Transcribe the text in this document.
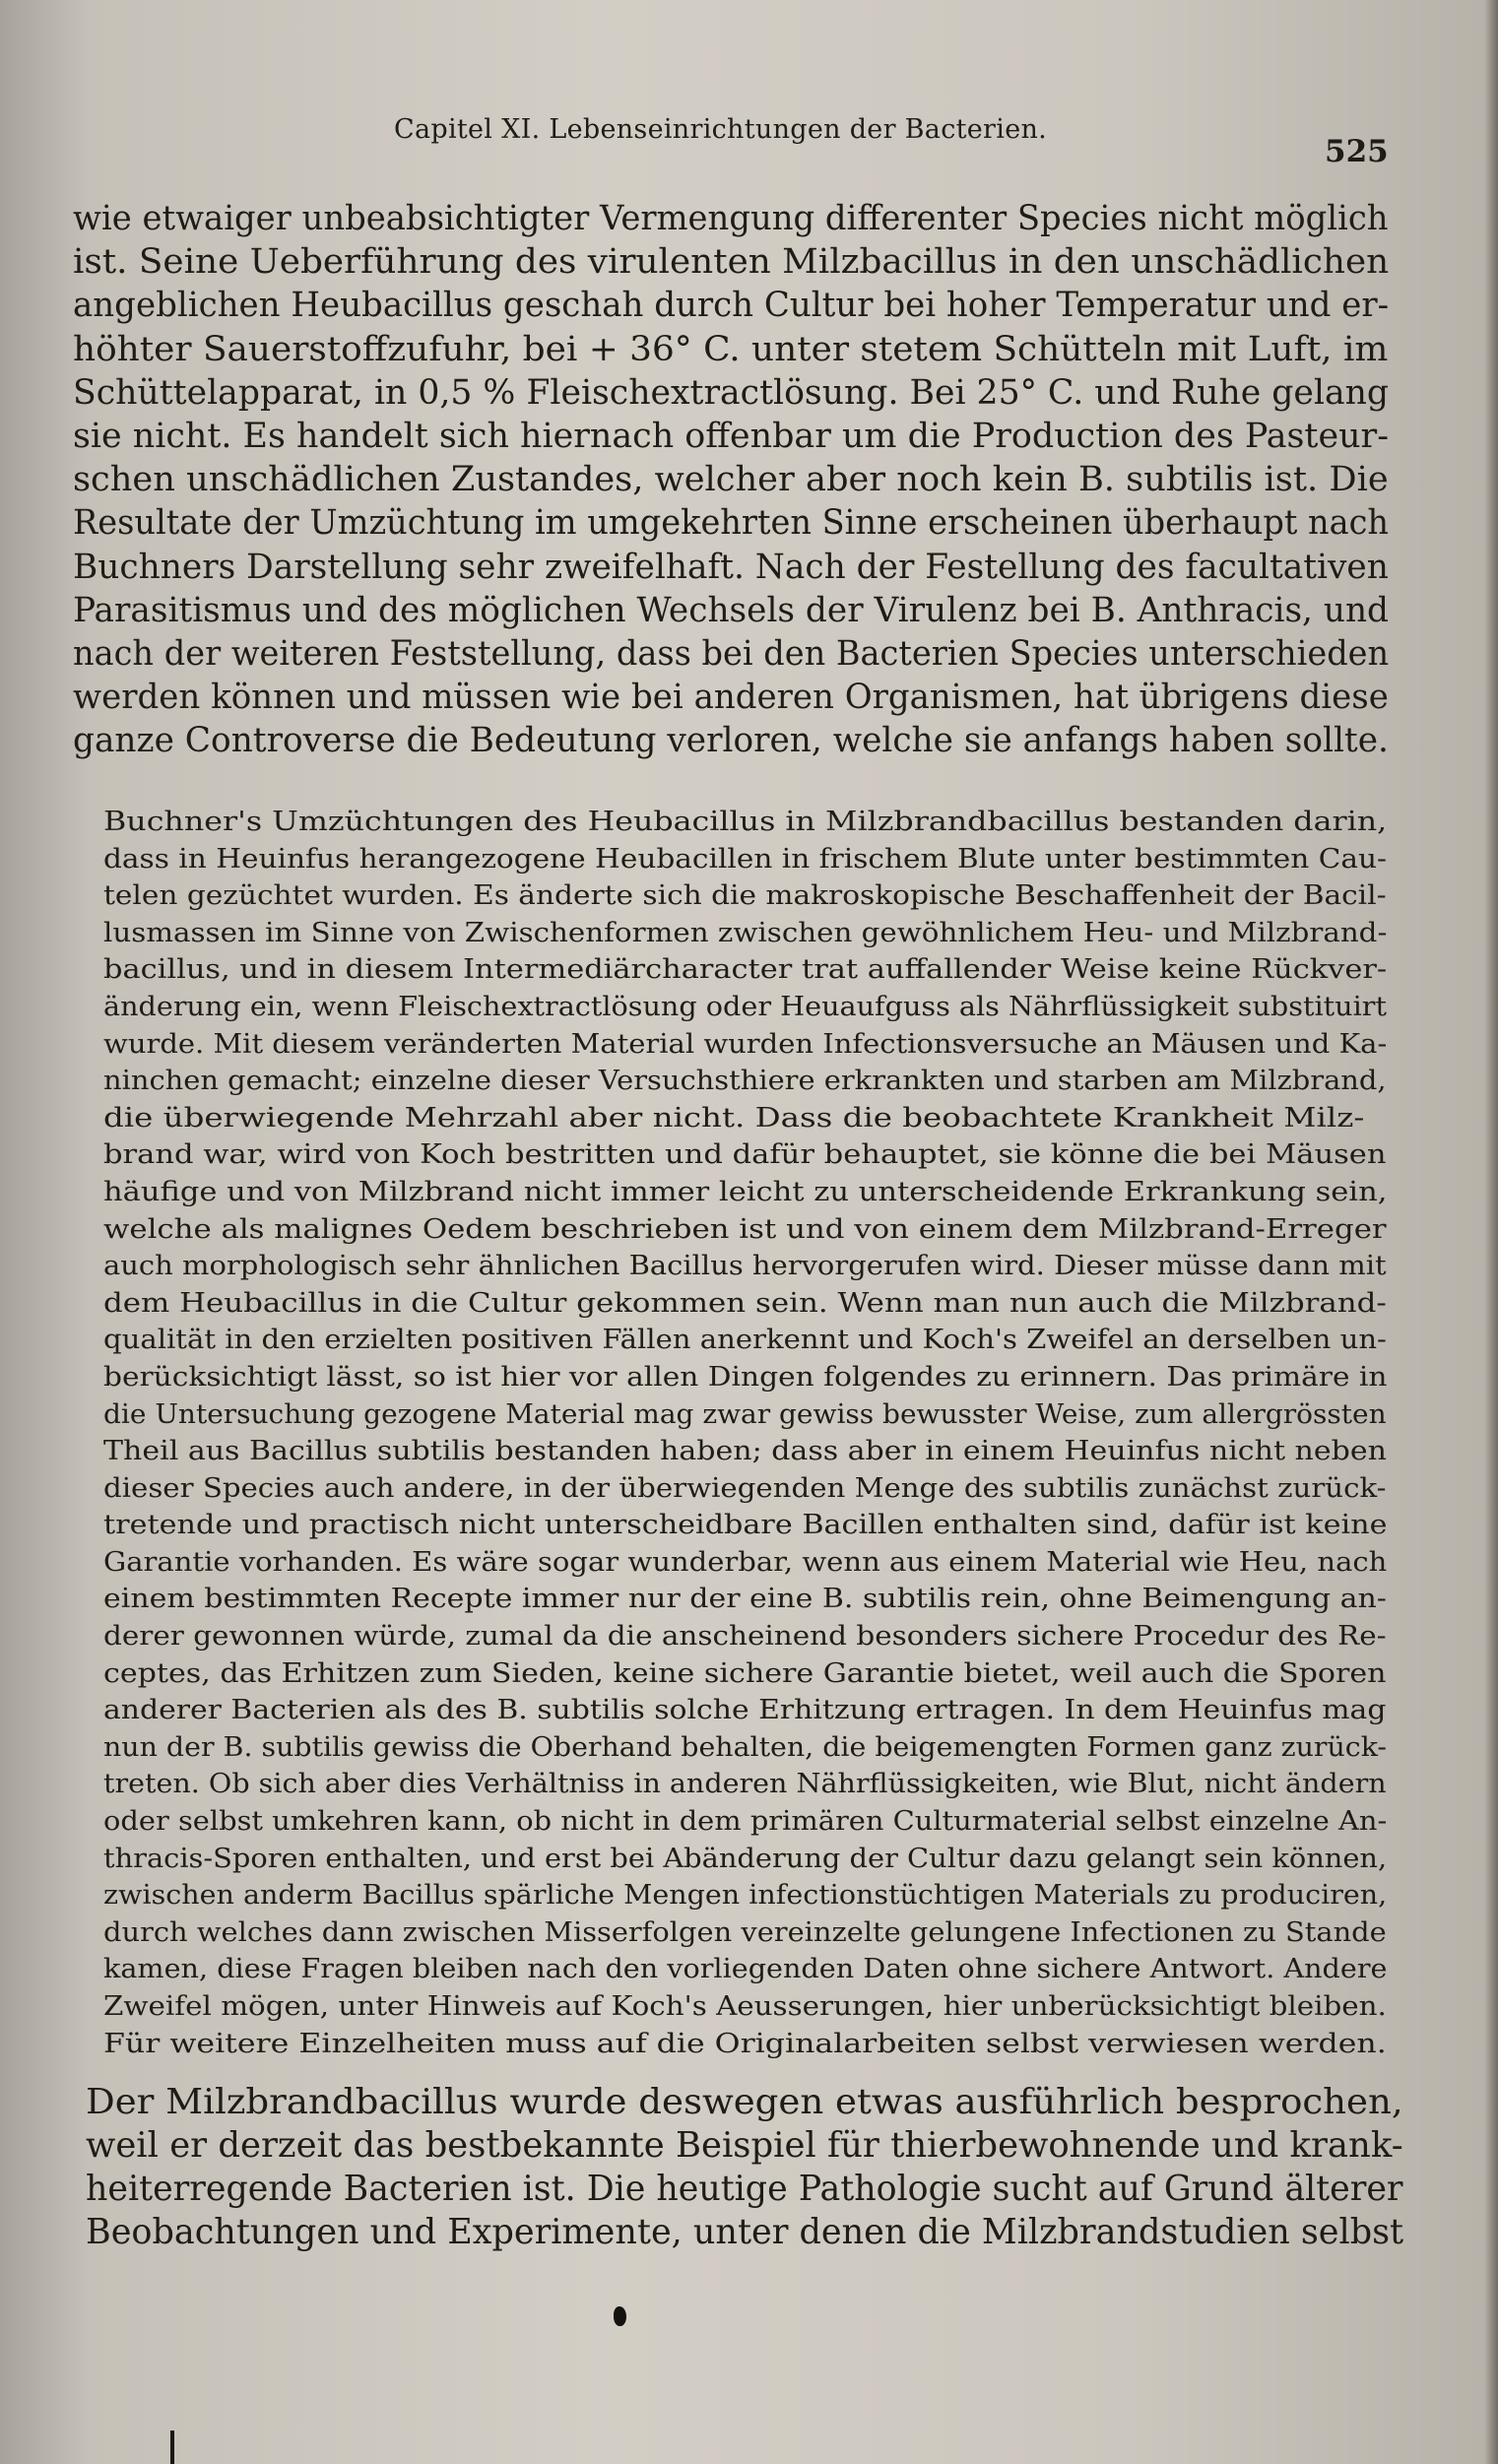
Capitel XI. Lebenseinrichtungen der Bacterien.
525
wie etwaiger unbeabsichtigter Vermengung differenter Species nicht möglich
ist. Seine Ueberführung des virulenten Milzbacillus in den unschädlichen
angeblichen Heubacillus geschah durch Cultur bei hoher Temperatur und er-
höhter Sauerstoffzufuhr, bei + 36° C. unter stetem Schütteln mit Luft, im
Schüttelapparat, in 0,5 % Fleischextractlösung. Bei 25° C. und Ruhe gelang
sie nicht. Es handelt sich hiernach offenbar um die Production des Pasteur-
schen unschädlichen Zustandes, welcher aber noch kein B. subtilis ist. Die
Resultate der Umzüchtung im umgekehrten Sinne erscheinen überhaupt nach
Buchners Darstellung sehr zweifelhaft. Nach der Festellung des facultativen
Parasitismus und des möglichen Wechsels der Virulenz bei B. Anthracis, und
nach der weiteren Feststellung, dass bei den Bacterien Species unterschieden
werden können und müssen wie bei anderen Organismen, hat übrigens diese
ganze Controverse die Bedeutung verloren, welche sie anfangs haben sollte.
Buchner's Umzüchtungen des Heubacillus in Milzbrandbacillus bestanden darin,
dass in Heuinfus herangezogene Heubacillen in frischem Blute unter bestimmten Cau-
telen gezüchtet wurden. Es änderte sich die makroskopische Beschaffenheit der Bacil-
lusmassen im Sinne von Zwischenformen zwischen gewöhnlichem Heu- und Milzbrand-
bacillus, und in diesem Intermediärcharacter trat auffallender Weise keine Rückver-
änderung ein, wenn Fleischextractlösung oder Heuaufguss als Nährflüssigkeit substituirt
wurde. Mit diesem veränderten Material wurden Infectionsversuche an Mäusen und Ka-
ninchen gemacht; einzelne dieser Versuchsthiere erkrankten und starben am Milzbrand,
die überwiegende Mehrzahl aber nicht. Dass die beobachtete Krankheit Milz-
brand war, wird von Koch bestritten und dafür behauptet, sie könne die bei Mäusen
häufige und von Milzbrand nicht immer leicht zu unterscheidende Erkrankung sein,
welche als malignes Oedem beschrieben ist und von einem dem Milzbrand-Erreger
auch morphologisch sehr ähnlichen Bacillus hervorgerufen wird. Dieser müsse dann mit
dem Heubacillus in die Cultur gekommen sein. Wenn man nun auch die Milzbrand-
qualität in den erzielten positiven Fällen anerkennt und Koch's Zweifel an derselben un-
berücksichtigt lässt, so ist hier vor allen Dingen folgendes zu erinnern. Das primäre in
die Untersuchung gezogene Material mag zwar gewiss bewusster Weise, zum allergrössten
Theil aus Bacillus subtilis bestanden haben; dass aber in einem Heuinfus nicht neben
dieser Species auch andere, in der überwiegenden Menge des subtilis zunächst zurück-
tretende und practisch nicht unterscheidbare Bacillen enthalten sind, dafür ist keine
Garantie vorhanden. Es wäre sogar wunderbar, wenn aus einem Material wie Heu, nach
einem bestimmten Recepte immer nur der eine B. subtilis rein, ohne Beimengung an-
derer gewonnen würde, zumal da die anscheinend besonders sichere Procedur des Re-
ceptes, das Erhitzen zum Sieden, keine sichere Garantie bietet, weil auch die Sporen
anderer Bacterien als des B. subtilis solche Erhitzung ertragen. In dem Heuinfus mag
nun der B. subtilis gewiss die Oberhand behalten, die beigemengten Formen ganz zurück-
treten. Ob sich aber dies Verhältniss in anderen Nährflüssigkeiten, wie Blut, nicht ändern
oder selbst umkehren kann, ob nicht in dem primären Culturmaterial selbst einzelne An-
thracis-Sporen enthalten, und erst bei Abänderung der Cultur dazu gelangt sein können,
zwischen anderm Bacillus spärliche Mengen infectionstüchtigen Materials zu produciren,
durch welches dann zwischen Misserfolgen vereinzelte gelungene Infectionen zu Stande
kamen, diese Fragen bleiben nach den vorliegenden Daten ohne sichere Antwort. Andere
Zweifel mögen, unter Hinweis auf Koch's Aeusserungen, hier unberücksichtigt bleiben.
Für weitere Einzelheiten muss auf die Originalarbeiten selbst verwiesen werden.
Der Milzbrandbacillus wurde deswegen etwas ausführlich besprochen,
weil er derzeit das bestbekannte Beispiel für thierbewohnende und krank-
heiterregende Bacterien ist. Die heutige Pathologie sucht auf Grund älterer
Beobachtungen und Experimente, unter denen die Milzbrandstudien selbst
